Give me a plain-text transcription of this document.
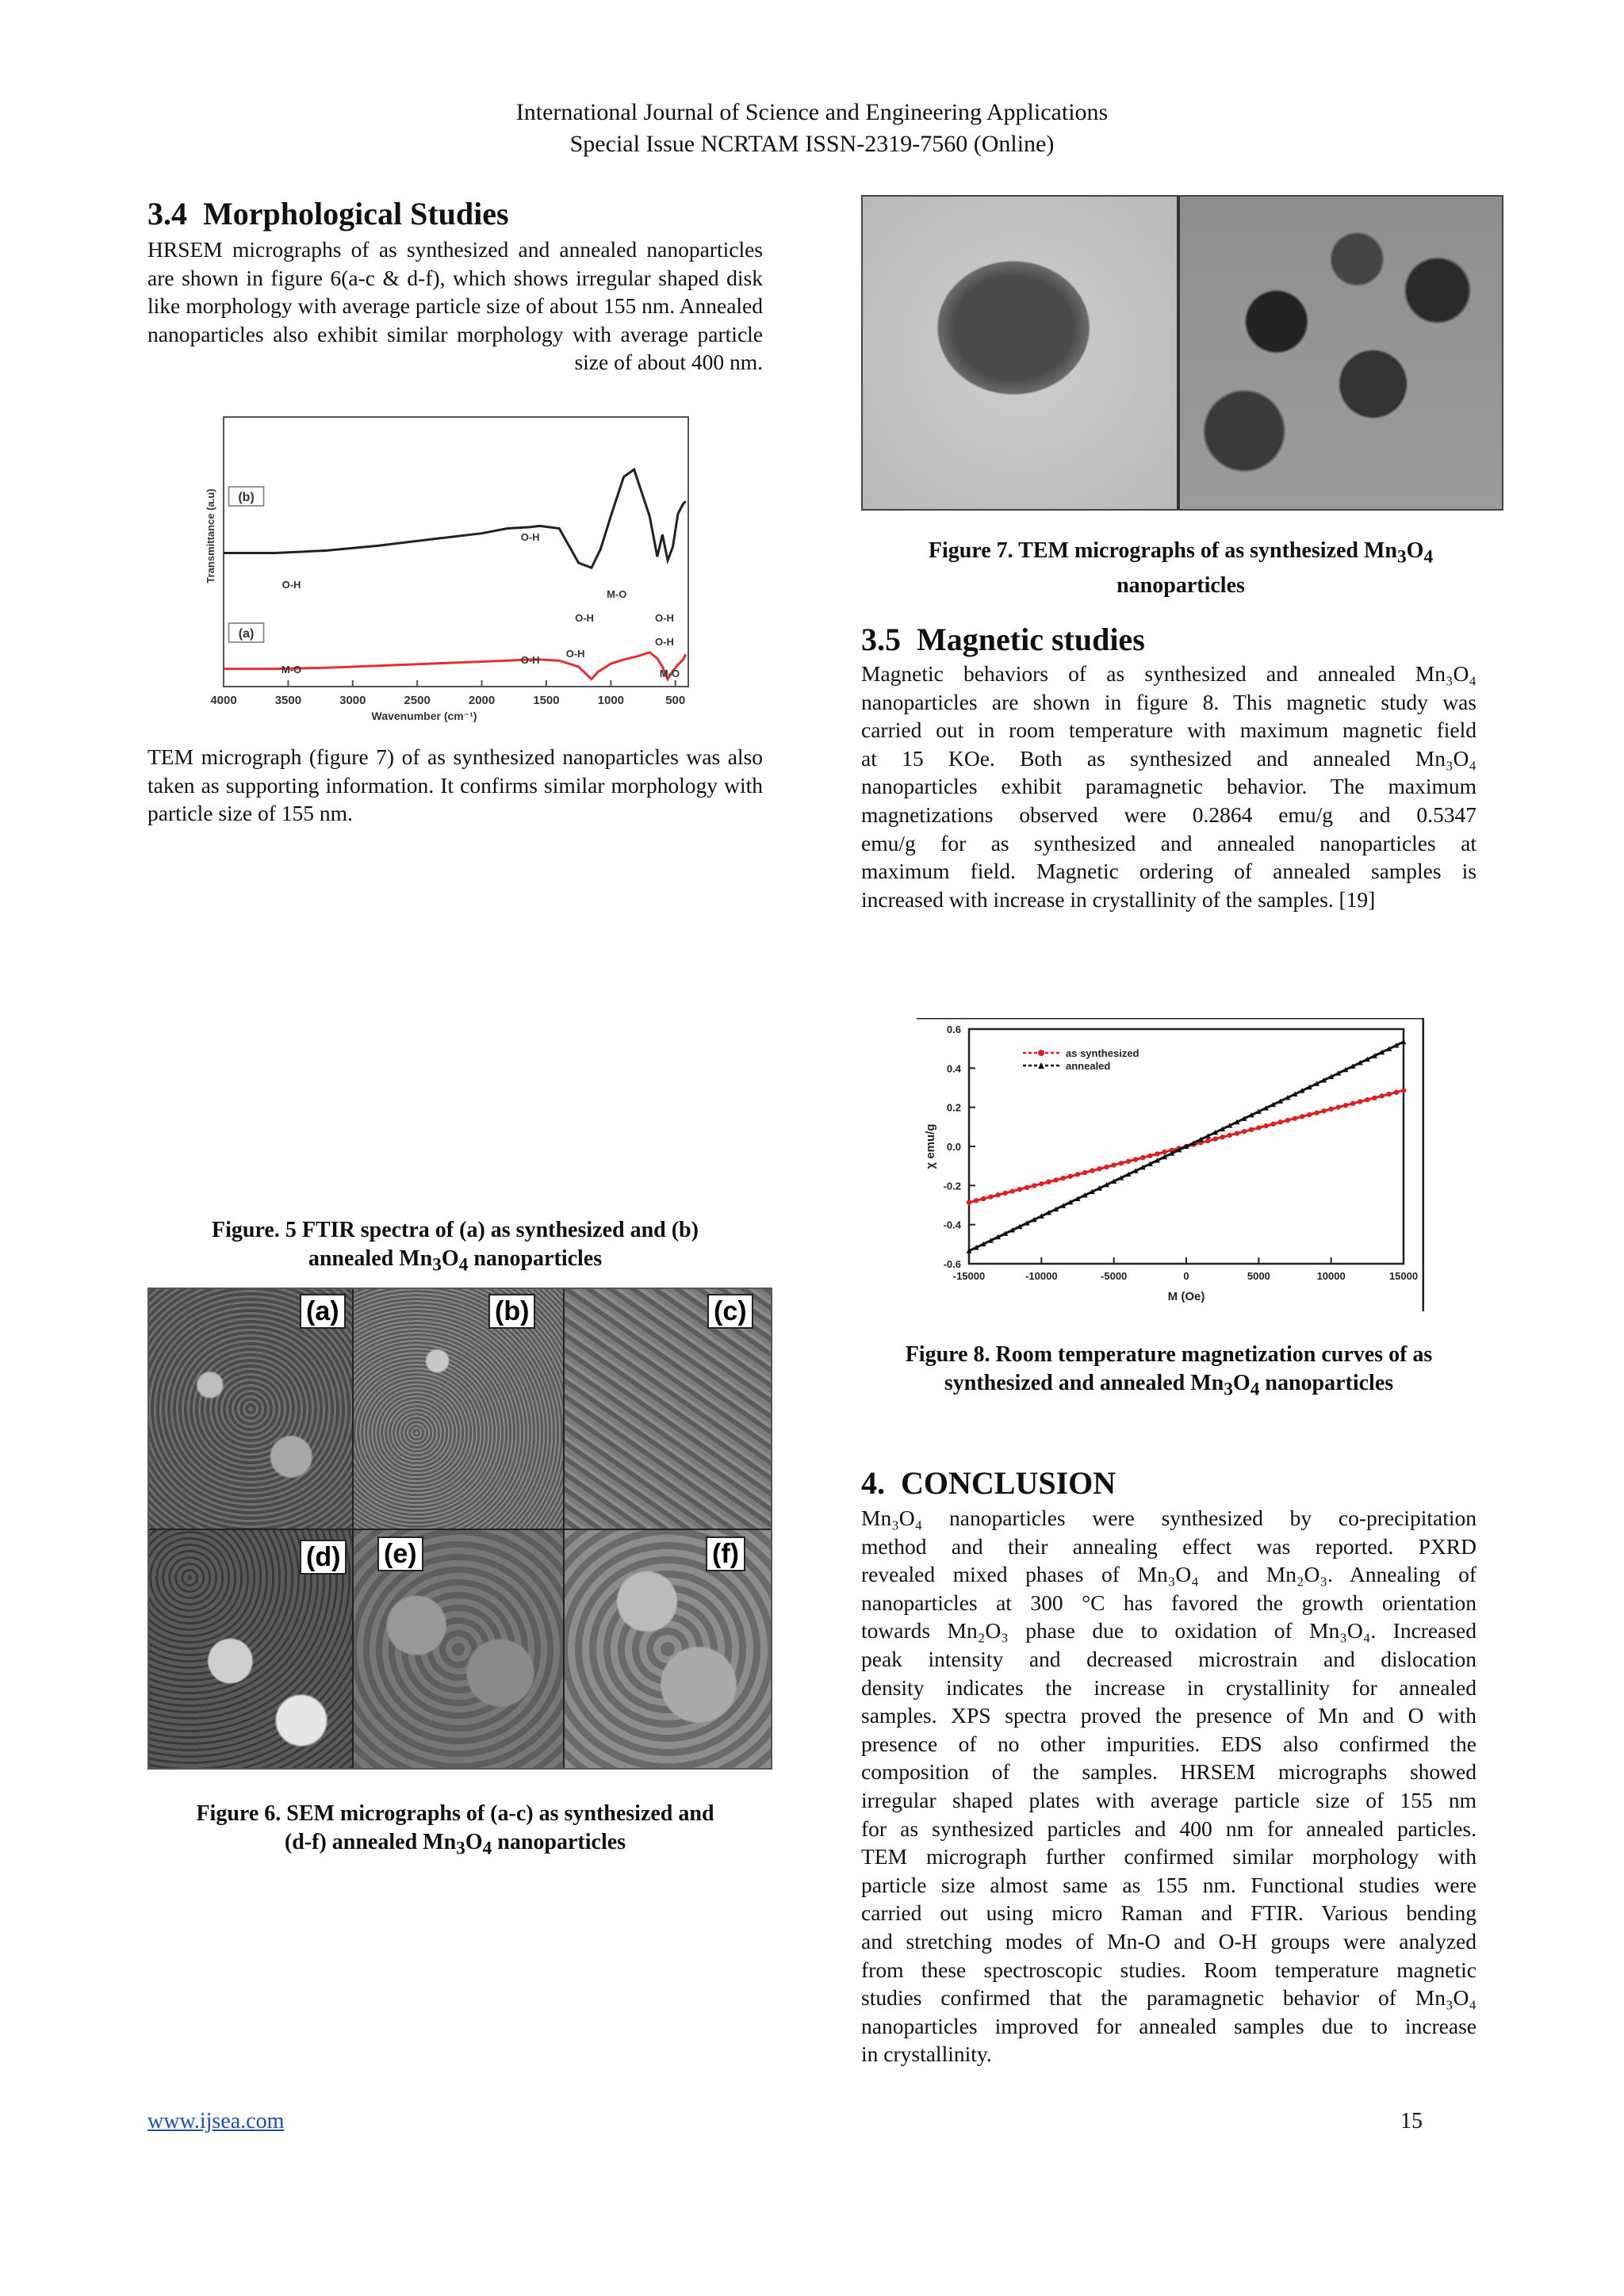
International Journal of Science and Engineering Applications
Special Issue NCRTAM ISSN-2319-7560 (Online)
3.4 Morphological Studies
HRSEM micrographs of as synthesized and annealed nanoparticles are shown in figure 6(a-c & d-f), which shows irregular shaped disk like morphology with average particle size of about 155 nm. Annealed nanoparticles also exhibit similar morphology with average particle size of about 400 nm.
4000	3500	3000	2500	2000	1500	1000	500
Wavenumber (cm⁻¹)
Transmittance (a.u) (b)
(a)
O-H
O-H
O-H
M-O
O-H
M-O
O-H
O-H
O-H
M-O
TEM micrograph (figure 7) of as synthesized nanoparticles was also taken as supporting information. It confirms similar morphology with particle size of 155 nm.
Figure. 5 FTIR spectra of (a) as synthesized and (b)
annealed $Mn_3O_4$ nanoparticles
(a)	(b)	(c)
(d) (e)	(f)
Figure 6. SEM micrographs of (a-c) as synthesized and
(d-f) annealed $Mn_3O_4$ nanoparticles
Figure 7. TEM micrographs of as synthesized $Mn_3O_4$
nanoparticles
3.5 Magnetic studies
Magnetic behaviors of as synthesized and annealed Mn₃O₄
nanoparticles are shown in figure 8. This magnetic study was
carried out in room temperature with maximum magnetic field
at 15 KOe. Both as synthesized and annealed Mn₃O₄
nanoparticles exhibit paramagnetic behavior. The maximum
magnetizations observed were 0.2864 emu/g and 0.5347
emu/g for as synthesized and annealed nanoparticles at
maximum field. Magnetic ordering of annealed samples is
increased with increase in crystallinity of the samples. [19]
-15000	-10000	-5000	0	5000	10000	15000
-0.6
-0.4
-0.2
0.0
0.2
0.4
0.6
M (Oe)
χ emu/g
as synthesized
annealed
Figure 8. Room temperature magnetization curves of as
synthesized and annealed $Mn_3O_4$ nanoparticles
4. CONCLUSION
Mn₃O₄ nanoparticles were synthesized by co-precipitation
method and their annealing effect was reported. PXRD
revealed mixed phases of Mn₃O₄ and Mn₂O₃. Annealing of
nanoparticles at 300 °C has favored the growth orientation
towards Mn₂O₃ phase due to oxidation of Mn₃O₄. Increased
peak intensity and decreased microstrain and dislocation
density indicates the increase in crystallinity for annealed
samples. XPS spectra proved the presence of Mn and O with
presence of no other impurities. EDS also confirmed the
composition of the samples. HRSEM micrographs showed
irregular shaped plates with average particle size of 155 nm
for as synthesized particles and 400 nm for annealed particles.
TEM micrograph further confirmed similar morphology with
particle size almost same as 155 nm. Functional studies were
carried out using micro Raman and FTIR. Various bending
and stretching modes of Mn-O and O-H groups were analyzed
from these spectroscopic studies. Room temperature magnetic
studies confirmed that the paramagnetic behavior of Mn₃O₄
nanoparticles improved for annealed samples due to increase
in crystallinity.
www.ijsea.com	15
